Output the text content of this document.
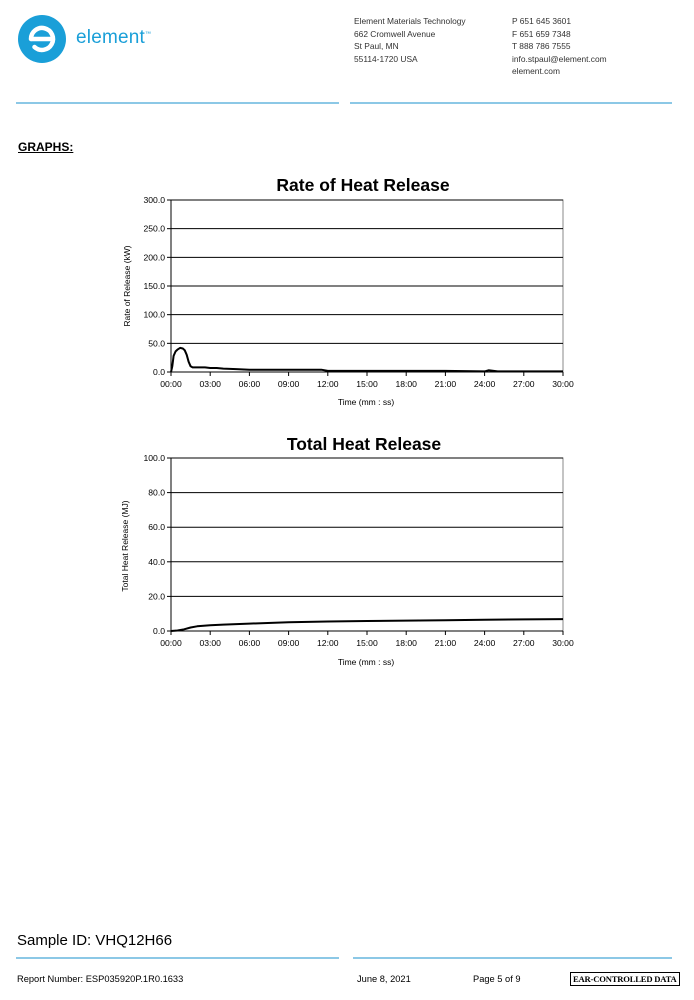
element™
Element Materials Technology
662 Cromwell Avenue
St Paul, MN
55114-1720 USA
P 651 645 3601
F 651 659 7348
T 888 786 7555
info.stpaul@element.com
element.com
GRAPHS:
Rate of Heat Release
Rate of Release (kW)
Time (mm : ss)
0.0
50.0
100.0
150.0
200.0
250.0
300.0
00:00 03:00 06:00 09:00 12:00 15:00 18:00 21:00 24:00 27:00 30:00
Total Heat Release
Total Heat Release (MJ)
Time (mm : ss)
0.0
20.0
40.0
60.0
80.0
100.0
00:00 03:00 06:00 09:00 12:00 15:00 18:00 21:00 24:00 27:00 30:00
Sample ID: VHQ12H66
Report Number: ESP035920P.1R0.1633	June 8, 2021	Page 5 of 9	EAR-CONTROLLED DATA
